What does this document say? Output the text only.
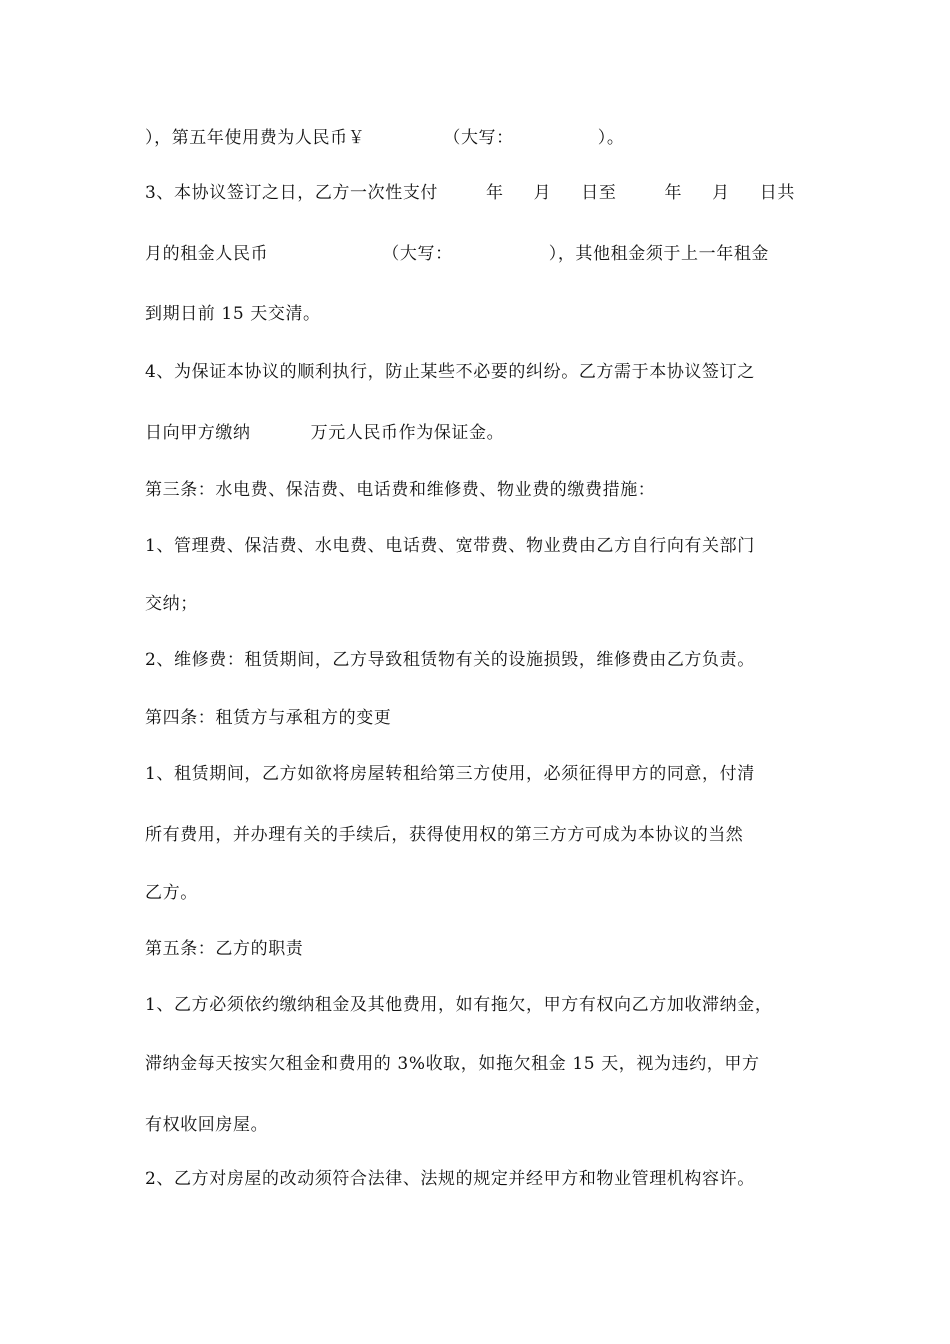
），第五年使用费为人民币￥             （大写：              ）。
3、本协议签订之日，乙方一次性支付        年     月     日至        年     月     日共
月的租金人民币                   （大写：                ），其他租金须于上一年租金
到期日前 15 天交清。
4、为保证本协议的顺利执行，防止某些不必要的纠纷。乙方需于本协议签订之
日向甲方缴纳          万元人民币作为保证金。
第三条：水电费、保洁费、电话费和维修费、物业费的缴费措施：
1、管理费、保洁费、水电费、电话费、宽带费、物业费由乙方自行向有关部门
交纳；
2、维修费：租赁期间，乙方导致租赁物有关的设施损毁，维修费由乙方负责。
第四条：租赁方与承租方的变更
1、租赁期间，乙方如欲将房屋转租给第三方使用，必须征得甲方的同意，付清
所有费用，并办理有关的手续后，获得使用权的第三方方可成为本协议的当然
乙方。
第五条：乙方的职责
1、乙方必须依约缴纳租金及其他费用，如有拖欠，甲方有权向乙方加收滞纳金，
滞纳金每天按实欠租金和费用的 3%收取，如拖欠租金 15 天，视为违约，甲方
有权收回房屋。
2、乙方对房屋的改动须符合法律、法规的规定并经甲方和物业管理机构容许。
